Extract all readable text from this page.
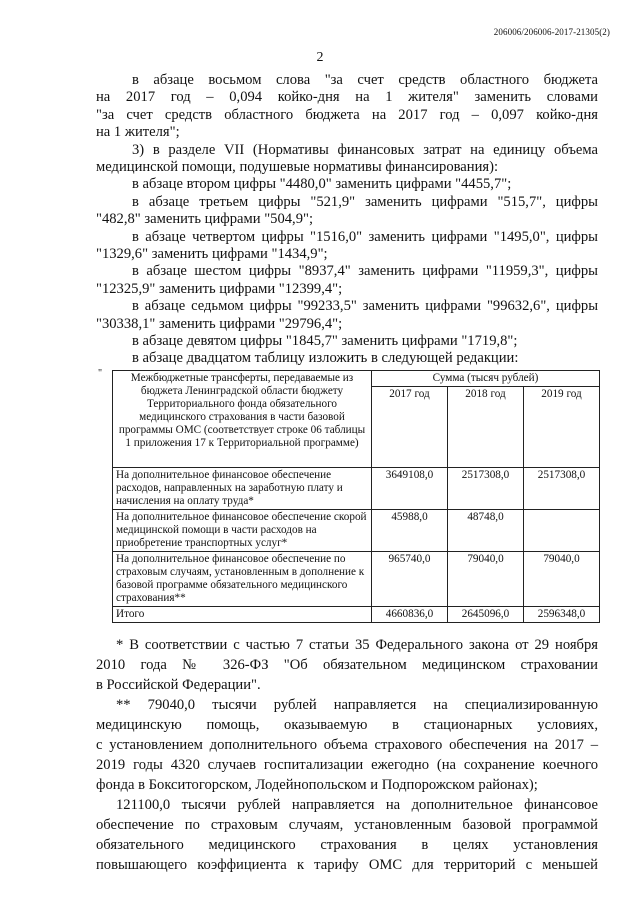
206006/206006-2017-21305(2)
2
в абзаце восьмом слова "за счет средств областного бюджета
на 2017 год – 0,094 койко-дня на 1 жителя" заменить словами
"за счет средств областного бюджета на 2017 год – 0,097 койко-дня
на 1 жителя";
3) в разделе VII (Нормативы финансовых затрат на единицу объема
медицинской помощи, подушевые нормативы финансирования):
в абзаце втором цифры "4480,0" заменить цифрами "4455,7";
в абзаце третьем цифры "521,9" заменить цифрами "515,7", цифры
"482,8" заменить цифрами "504,9";
в абзаце четвертом цифры "1516,0" заменить цифрами "1495,0", цифры
"1329,6" заменить цифрами "1434,9";
в абзаце шестом цифры "8937,4" заменить цифрами "11959,3", цифры
"12325,9" заменить цифрами "12399,4";
в абзаце седьмом цифры "99233,5" заменить цифрами "99632,6", цифры
"30338,1" заменить цифрами "29796,4";
"	Межбюджетные трансферты, передаваемые из бюджета Ленинградской области бюджету Территориального фонда обязательного медицинского страхования в части базовой программы ОМС (соответствует строке 06 таблицы 1 приложения 17 к Территориальной программе)	Сумма (тысяч рублей)		
	2017 год	2018 год	2019 год
На дополнительное финансовое обеспечение расходов, направленных на заработную плату и начисления на оплату труда*	3649108,0	2517308,0	2517308,0
На дополнительное финансовое обеспечение скорой медицинской помощи в части расходов на приобретение транспортных услуг*	45988,0	48748,0	
На дополнительное финансовое обеспечение по страховым случаям, установленным в дополнение к базовой программе обязательного медицинского страхования**	965740,0	79040,0	79040,0
Итого	4660836,0	2645096,0	2596348,0
* В соответствии с частью 7 статьи 35 Федерального закона от 29 ноября
2010 года № 326-ФЗ "Об обязательном медицинском страховании
в Российской Федерации".
** 79040,0 тысячи рублей направляется на специализированную
медицинскую помощь, оказываемую в стационарных условиях,
с установлением дополнительного объема страхового обеспечения на 2017 –
2019 годы 4320 случаев госпитализации ежегодно (на сохранение коечного
фонда в Бокситогорском, Лодейнопольском и Подпорожском районах);
121100,0 тысячи рублей направляется на дополнительное финансовое
обеспечение по страховым случаям, установленным базовой программой
обязательного медицинского страхования в целях установления
повышающего коэффициента к тарифу ОМС для территорий с меньшей
в абзаце девятом цифры "1845,7" заменить цифрами "1719,8";
в абзаце двадцатом таблицу изложить в следующей редакции:
